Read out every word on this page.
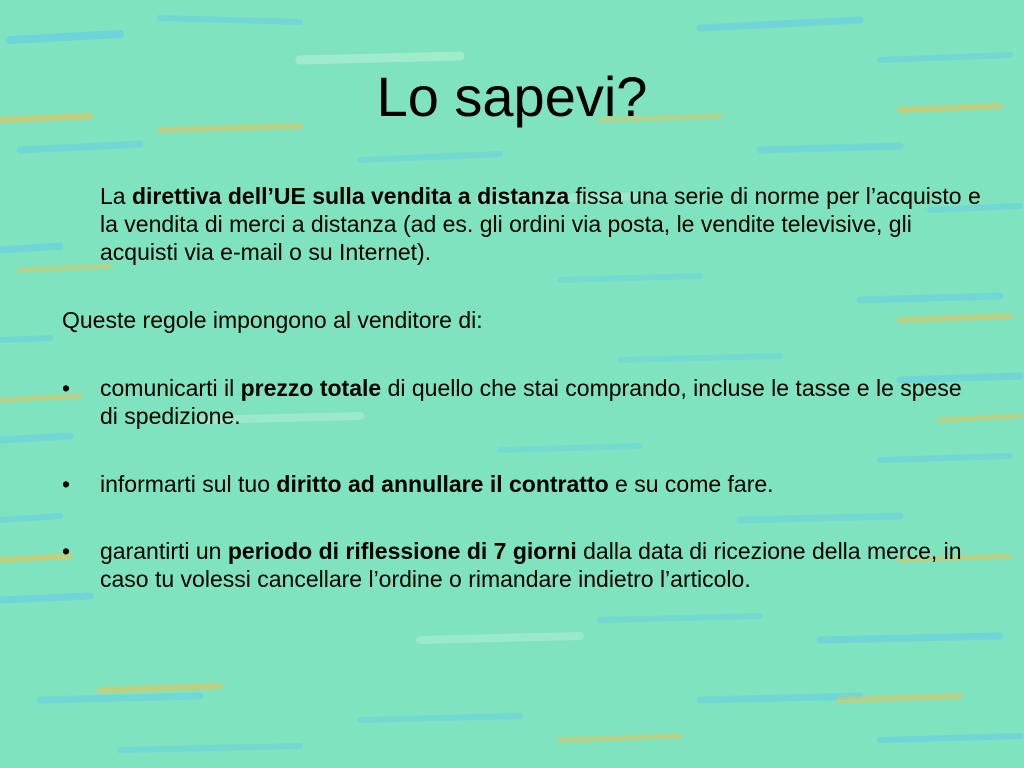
Lo sapevi?

La direttiva dell’UE sulla vendita a distanza fissa una serie di norme per l’acquisto e la vendita di merci a distanza (ad es. gli ordini via posta, le vendite televisive, gli acquisti via e-mail o su Internet).

Queste regole impongono al venditore di:

• comunicarti il prezzo totale di quello che stai comprando, incluse le tasse e le spese di spedizione.
• informarti sul tuo diritto ad annullare il contratto e su come fare.
• garantirti un periodo di riflessione di 7 giorni dalla data di ricezione della merce, in caso tu volessi cancellare l’ordine o rimandare indietro l’articolo.
